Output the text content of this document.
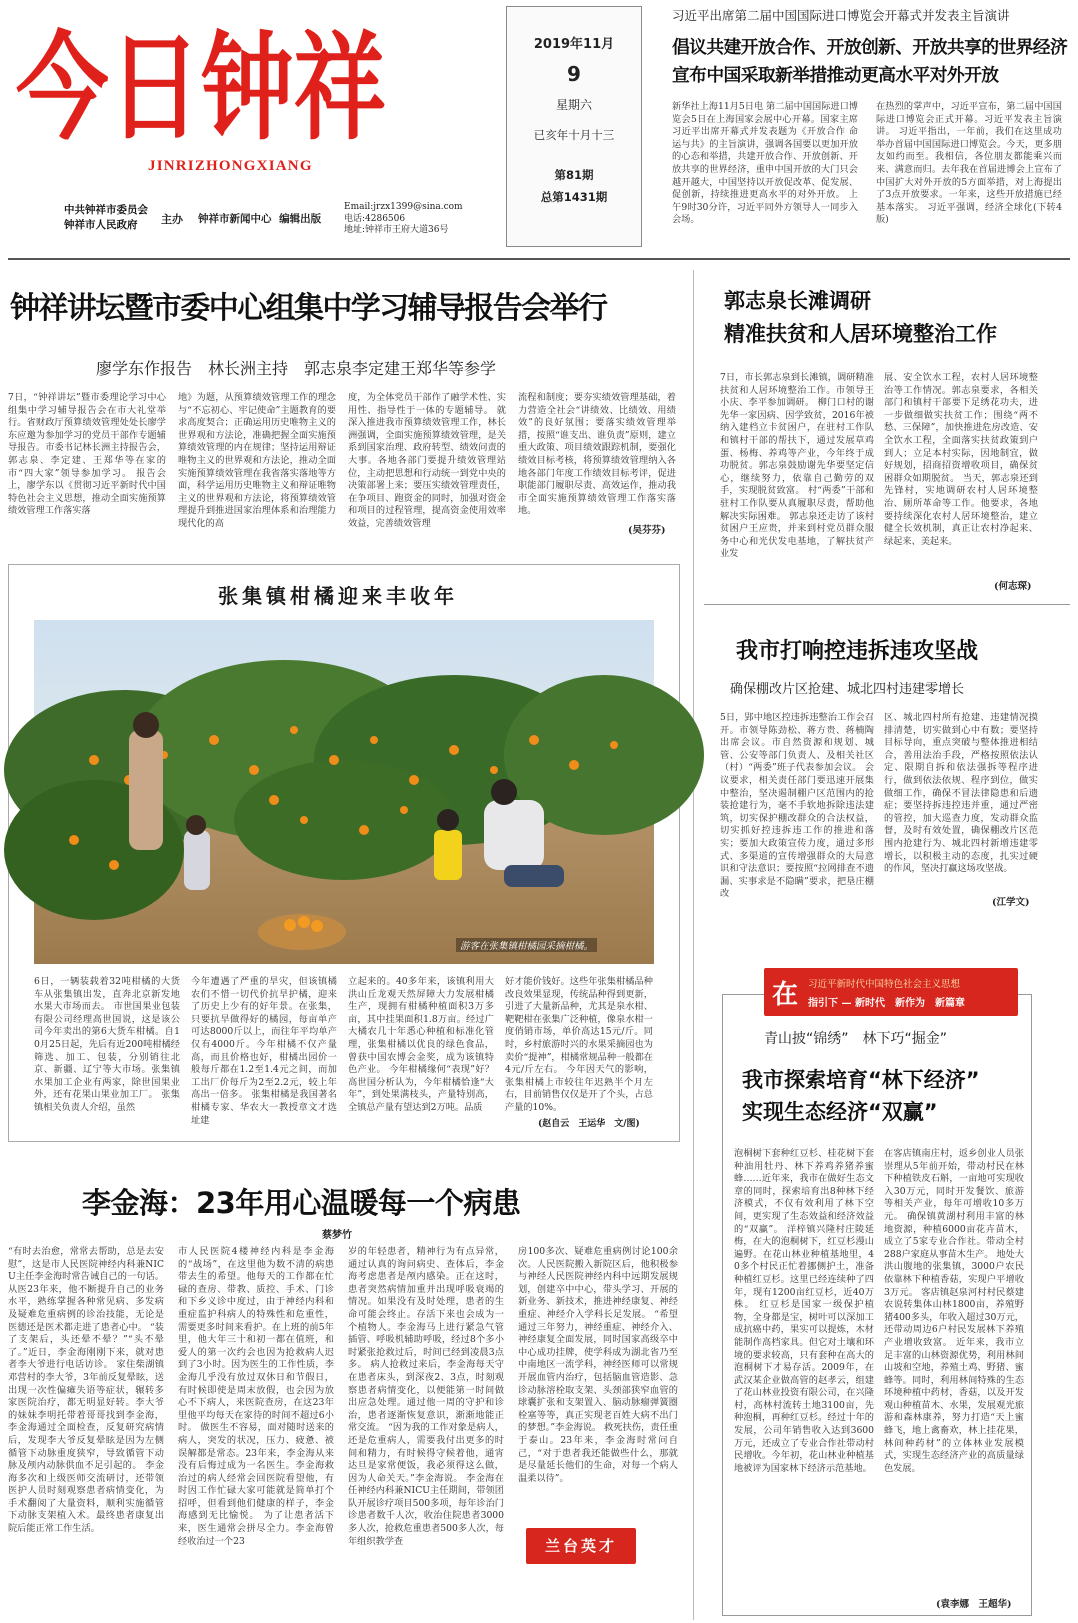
今日钟祥
JINRIZHONGXIANG
中共钟祥市委员会
钟祥市人民政府	主办 钟祥市新闻中心 编辑出版
Email:jrzx1399@sina.com
电话:4286506
地址:钟祥市王府大道36号
2019年11月
9
星期六
已亥年十月十三
第81期
总第1431期
习近平出席第二届中国国际进口博览会开幕式并发表主旨演讲
倡议共建开放合作、开放创新、开放共享的世界经济
宣布中国采取新举措推动更高水平对外开放
新华社上海11月5日电 第二届中国国际进口博览会5日在上海国家会展中心开幕。国家主席习近平出席开幕式并发表题为《开放合作 命运与共》的主旨演讲，强调各国要以更加开放的心态和举措，共建开放合作、开放创新、开放共享的世界经济，重申中国开放的大门只会越开越大，中国坚持以开放促改革、促发展、促创新，持续推进更高水平的对外开放。 上午9时30分许，习近平同外方领导人一同步入会场。
在热烈的掌声中，习近平宣布，第二届中国国际进口博览会正式开幕。习近平发表主旨演讲。 习近平指出，一年前，我们在这里成功举办首届中国国际进口博览会。今天，更多朋友如约而至。我相信，各位朋友都能乘兴而来、满意而归。去年我在首届进博会上宣布了中国扩大对外开放的5方面举措，对上海提出了3点开放要求。一年来，这些开放措施已经基本落实。 习近平强调，经济全球化(下转4版)
钟祥讲坛暨市委中心组集中学习辅导报告会举行
廖学东作报告　林长洲主持　郭志泉李定建王郑华等参学
7日，“钟祥讲坛”暨市委理论学习中心组集中学习辅导报告会在市大礼堂举行。省财政厅预算绩效管理处处长廖学东应邀为参加学习的党员干部作专题辅导报告。市委书记林长洲主持报告会，郭志泉、李定建、王郑华等在家的市“四大家”领导参加学习。 报告会上，廖学东以《贯彻习近平新时代中国特色社会主义思想，推动全面实施预算绩效管理工作落实落
地》为题，从预算绩效管理工作的理念与“不忘初心、牢记使命”主题教育的要求高度契合；正确运用历史唯物主义的世界观和方法论，准确把握全面实施预算绩效管理的内在规律；坚持运用辩证唯物主义的世界观和方法论，推动全面实施预算绩效管理在我省落实落地等方面，科学运用历史唯物主义和辩证唯物主义的世界观和方法论，将预算绩效管理提升到推进国家治理体系和治理能力现代化的高
度，为全体党员干部作了融学术性、实用性、指导性于一体的专题辅导。 就深入推进我市预算绩效管理工作，林长洲强调，全面实施预算绩效管理，是关系到国家治理、政府转型、绩效问责的大事。各地各部门要提升绩效管理站位，主动把思想和行动统一到党中央的决策部署上来；要压实绩效管理责任，在争项目、跑资金的同时，加强对资金和项目的过程管理，提高资金使用效率效益，完善绩效管理
流程和制度；要夯实绩效管理基础，着力营造全社会“讲绩效、比绩效、用绩效”的良好氛围；要落实绩效管理举措，按照“谁支出、谁负责”原则，建立重大政策、项目绩效跟踪机制，要强化绩效目标考核，将预算绩效管理纳入各地各部门年度工作绩效目标考评，促进职能部门履职尽责、高效运作，推动我市全面实施预算绩效管理工作落实落地。
(吴芬芬)
郭志泉长滩调研
精准扶贫和人居环境整治工作
7日，市长郭志泉到长滩镇，调研精准扶贫和人居环境整治工作。市领导王小庆、李平参加调研。 柳门口村的谢先华一家因病、因学致贫，2016年被纳入建档立卡贫困户，在驻村工作队和镇村干部的帮扶下，通过发展草鸡蛋、杨梅、养鸡等产业，今年终于成功脱贫。郭志泉鼓励谢先华要坚定信心，继续努力，依靠自己勤劳的双手，实现脱贫致富。 村“两委”干部和驻村工作队要从真履职尽责，帮助他解决实际困难。 郭志泉还走访了该村贫困户王应贵，并来到村党员群众服务中心和光伏发电基地，了解扶贫产业发
展、安全饮水工程，农村人居环境整治等工作情况。郭志泉要求，各相关部门和镇村干部要下足绣花功夫，进一步做细做实扶贫工作；围绕“两不愁、三保障”，加快推进危房改造、安全饮水工程，全面落实扶贫政策到户到人；立足本村实际，因地制宜，做好规划，招商招资增收项目，确保贫困群众如期脱贫。 当天，郭志泉还到先锋村，实地调研农村人居环境整治、厕所革命等工作。他要求，各地要持续深化农村人居环境整治，建立健全长效机制，真正让农村净起来、绿起来、美起来。
(何志琛)
张集镇柑橘迎来丰收年
游客在张集镇柑橘园采摘柑橘。
6日，一辆装载着32吨柑橘的大货车从张集镇出发，直奔北京新发地水果大市场而去。 市世国果业包装有限公司经理高世国说，这是该公司今年卖出的第6大货车柑橘。自10月25日起，先后有近200吨柑橘经筛选、加工、包装，分别销往北京、新疆、辽宁等大市场。张集镇水果加工企业有两家，除世国果业外，还有花果山果业加工厂。 张集镇相关负责人介绍，虽然
今年遭遇了严重的旱灾，但该镇橘农们不惜一切代价抗旱护橘，迎来了历史上少有的好年景。在张集，只要抗旱做得好的橘园，每亩单产可达8000斤以上，而往年平均单产仅有4000斤。今年柑橘不仅产量高，而且价格也好，柑橘出园价一般每斤都在1.2至1.4元之间，而加工出厂价每斤为2至2.2元，较上年高出一倍多。 张集柑橘是我国著名柑橘专家、华农大一教授章文才选址建
立起来的。40多年来，该镇利用大洪山丘龙观天然屏障大力发展柑橘生产，现拥有柑橘种植面积3万多亩，其中挂果面积1.8万亩。经过广大橘农几十年悉心种植和标准化管理，张集柑橘以优良的绿色食品，曾获中国农博会金奖，成为该镇特色产业。 今年柑橘缘何“表现”好？高世国分析认为，今年柑橘恰逢“大年”，到处果满枝头，产量特别高，全镇总产量有望达到2万吨。品质
好才能价钱好。这些年张集柑橘品种改良效果显现，传统品种得到更新，引进了大量新品种，尤其是泉水柑、靶靶柑在张集广泛种植，像泉水柑一度俏销市场，单价高达15元/斤。同时，乡村旅游时兴的水果采摘园也为卖价“提神”，柑橘常规品种一般都在4元/斤左右。 今年因天气的影响，张集柑橘上市较往年迟熟半个月左右，目前销售仅仅是开了个头，占总产量的10%。
(赵自云　王运华　文/图)
我市打响控违拆违攻坚战
确保棚改片区抢建、城北四村违建零增长
5日，郢中地区控违拆违整治工作会召开。市领导陈劲松、蒋方贵、蒋楠陶出席会议。市自然资源和规划、城管、公安等部门负责人、及相关社区（村）“两委”班子代表参加会议。 会议要求，相关责任部门要迅速开展集中整治，坚决遏制棚户区范围内的抢装抢建行为，毫不手软地拆除违法建筑，切实保护棚改群众的合法权益，切实抓好控违拆违工作的推进和落实；要加大政策宣传力度，通过多形式、多渠道的宣传增强群众的大局意识和守法意识；要按照“拉网排查不遗漏、实事求是不隐瞒”要求，把垦庄棚改
区、城北四村所有抢建、违建情况摸排清楚，切实做到心中有数；要坚持目标导向，重点突破与整体推进相结合，善用法治手段，严格按照依法认定、限期自拆和依法强拆等程序进行，做到依法依规、程序到位，做实做细工作，确保不冒法律隐患和后遗症；要坚持拆违控违并重，通过严密的管控，加大巡查力度，发动群众监督，及时有效处置，确保棚改片区范围内抢建行为、城北四村新增违建零增长，以积极主动的态度，扎实过硬的作风，坚决打赢这场攻坚战。
(江学文)
在 习近平新时代中国特色社会主义思想
指引下 — 新时代　新作为　新篇章
青山披“锦绣”　林下巧“掘金”
我市探索培育“林下经济”
实现生态经济“双赢”
泡桐树下套种红豆杉、桂花树下套种油用牡丹、林下养鸡养猪养蜜蜂……近年来，我市在做好生态文章的同时，探索培育出8种林下经济模式，不仅有效利用了林下空间，更实现了生态效益和经济效益的“双赢”。 洋梓镇兴隆村庄陵延梅，在大的泡桐树下，红豆杉漫山遍野。在花山林业种植基地里，40多个村民正忙着挪侧护土，准备种植红豆杉。这里已经连续种了四年，现有1200亩红豆杉，近40万株。 红豆杉是国家一级保护植物，全身都是宝，树叶可以深加工成抗癌中药，果实可以提炼，木材能制作高档家具。但它对土壤和环境的要求较高，只有套种在高大的泡桐树下才易存活。2009年，在武汉某企业做高管的赵孝云，组建了花山林业投资有限公司，在兴隆村，高林村流转土地3100亩，先种泡桐，再种红豆杉。经过十年的发展，公司年销售收入达到3600万元，还成立了专业合作社带动村民增收。今年初，花山林业种植基地被评为国家林下经济示范基地。
在客店镇南庄村，返乡创业人员张崇理从5年前开始，带动村民在林下种植铁皮石斛，一亩地可实现收入30万元，同时开发餐饮、旅游等相关产业，每年可增收10多万元。 确保镇黄湖村利用丰富的林地资源，种植6000亩花卉苗木，成立了5家专业合作社。带动全村288户家庭从事苗木生产。 地处大洪山腹地的张集镇，3000户农民依靠林下种植香菇，实现户平增收3万元。 客店镇赵泉河村村民蔡建农说转集体山林1800亩，养殖野猪400多头，年收入超过30万元，还带动周边6户村民发展林下养殖产业增收致富。 近年来，我市立足丰富的山林资源优势，利用林间山坡和空地，养殖土鸡、野猪、蜜蜂等。同时，利用林间特殊的生态环境种植中药材，香菇，以及开发观山种植苗木、水果，发展观光旅游和森林康养，努力打造“天上蜜蜂飞，地上禽畜欢，林上挂花果，林间种药材”的立体林业发展模式，实现生态经济产业的高质量绿色发展。
(袁李娜　王超华)
李金海：23年用心温暖每一个病患
蔡梦竹
“有时去治愈，常常去帮助，总是去安慰”，这是市人民医院神经内科兼NICU主任李金海时常告诫自己的一句话。从医23年来，他不断提升自己的业务水平，熟练掌握各种常见病、多发病及疑难危重病例的诊治技能，无论是医德还是医术都走进了患者心中。 “装了支架后，头还晕不晕？”“头不晕了。”近日，李金海刚刚下来，就对患者李大爷进行电话访诊。 家住柴湖镇邓营村的李大爷，3年前反复晕眩，送出现一次性偏瘫失语等症状，辗转多家医院治疗，都无明显好转。李大爷的妹妹李明托带着哥哥找到李金海，李金海通过全面检查，反复研究病情后，发现李大爷反复晕眩是因为左侧循管下动脉重度狭窄，导致循管下动脉及颅内动脉供血不足引起的。 李金海多次和上级医师交流研讨，还带领医护人员时刻观察患者病情变化，为手术翻阅了大量资料，顺利实施循管下动脉支架植入术。最终患者康复出院后能正常工作生活。
市人民医院4楼神经内科是李金海的“战场”，在这里他为数不清的病患带去生的希望。他每天的工作都在忙碌的查房、带教、质控、手术、门诊和下乡义诊中度过，由于神经内科和重症监护科病人的特殊性和危重性，需要更多时间来看护。在上班的前5年里，他大年三十和初一都在值班，和爱人的第一次约会也因为抢救病人迟到了3小时。因为医生的工作性质，李金海几乎没有放过双休日和节假日，有时候即使是周末放假，也会因为放心不下病人，来医院查房，在这23年里他平均每天在家待的时间不超过6小时。 做医生不容易，面对随时送来的病人，突发的状况，压力、疲惫、被误解都是常态。23年来，李金海从来没有后悔过成为一名医生。李金海救治过的病人经常会回医院看望他，有时因工作忙碌大家可能就是简单打个招呼，但看到他们健康的样子，李金海感到无比愉悦。 为了让患者活下来，医生通常会拼尽全力。李金海曾经收治过一个23
岁的年轻患者，精神行为有点异常，通过认真的询问病史、查体后，李金海考虑患者是颅内感染。正在这时，患者突然病情加重并出现呼吸衰竭的情况。如果没有及时处理，患者的生命可能会终止。存活下来也会成为一个植物人。李金海马上进行紧急气管插管、呼吸机辅助呼吸，经过8个多小时紧张抢救过后，时间已经到凌晨3点多。 病人抢救过来后，李金海每天守在患者床头，到深夜2、3点，时刻观察患者病情变化，以便能第一时间做出应急处理。通过他一周的守护和诊治，患者逐渐恢复意识，渐渐地能正常交流。 “因为我的工作对象是病人，还是危重病人，需要我付出更多的时间和精力，有时候得守候着他，通宵达旦是家常便饭，我必须得这么做，因为人命关天。”李金海说。 李金海在任神经内科兼NICU主任期间，带领团队开展诊疗项目500多项，每年诊治门诊患者数千人次，收治住院患者3000多人次，抢救危重患者500多人次，每年组织教学查
房100多次、疑难危重病例讨论100余次。人民医院搬入新院区后，他积极参与神经人民医院神经内科中远期发展规划，创建卒中中心，带头学习、开展的新业务、新技术，推进神经康复、神经重症、神经介入学科长足发展。 “希望通过三年努力，神经重症、神经介入、神经康复全面发展，同时国家高级卒中中心成功挂牌，使学科成为湖北省乃至中南地区一流学科，神经医师可以常规开展血管内治疗，包括脑血管造影、急诊动脉溶栓取支架、头颈部狭窄血管的球囊扩张和支架置入、脑动脉瘤弹簧圈栓塞等等，真正实现老百姓大病不出门的梦想。”李金海说。 救死扶伤，责任重于泰山。23年来，李金海时常问自己，“对于患者我还能做些什么，那就是尽量延长他们的生命，对每一个病人温柔以待”。
兰台英才
